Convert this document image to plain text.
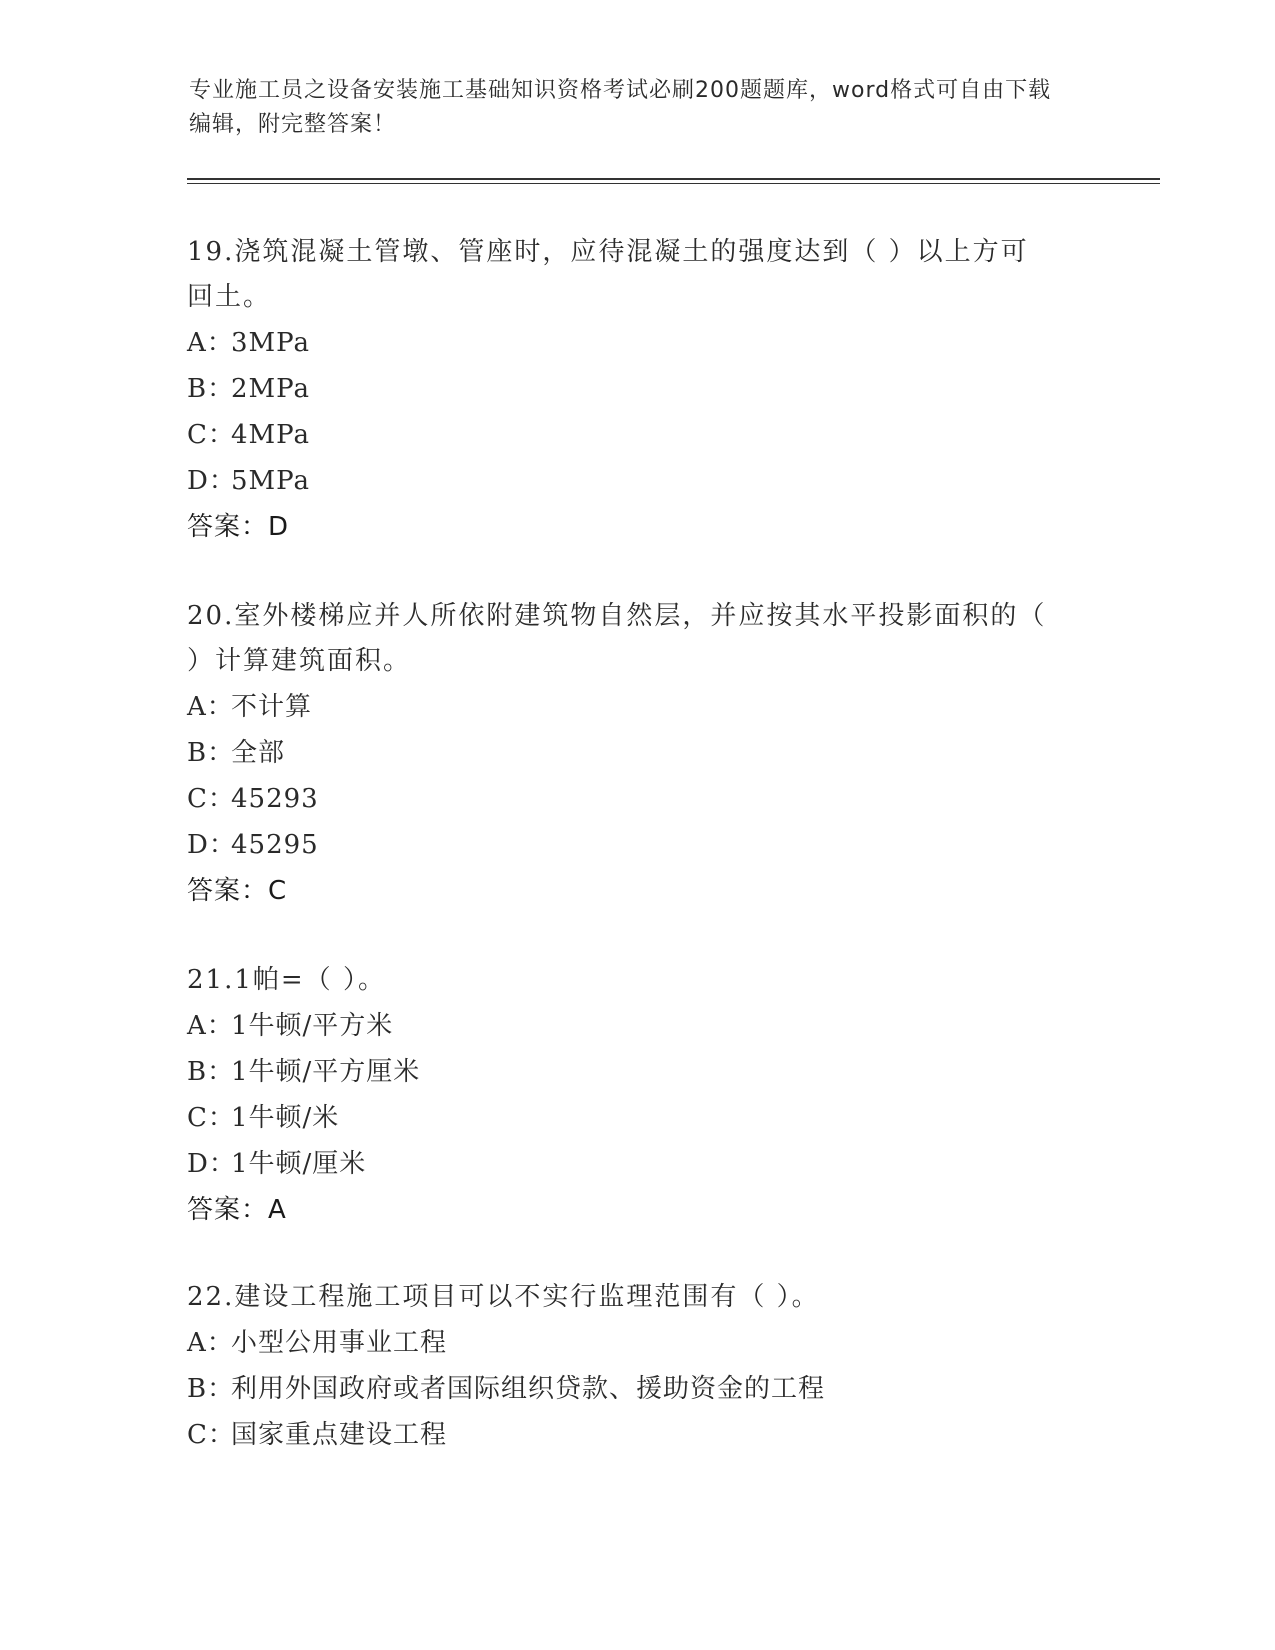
专业施工员之设备安装施工基础知识资格考试必刷200题题库，word格式可自由下载编辑，附完整答案！
19.浇筑混凝土管墩、管座时，应待混凝土的强度达到（ ）以上方可回土。
A：3MPa
B：2MPa
C：4MPa
D：5MPa
答案：D
20.室外楼梯应并人所依附建筑物自然层，并应按其水平投影面积的（ ）计算建筑面积。
A：不计算
B：全部
C：45293
D：45295
答案：C
21.1帕=（ ）。
A：1牛顿/平方米
B：1牛顿/平方厘米
C：1牛顿/米
D：1牛顿/厘米
答案：A
22.建设工程施工项目可以不实行监理范围有（ ）。
A：小型公用事业工程
B：利用外国政府或者国际组织贷款、援助资金的工程
C：国家重点建设工程
